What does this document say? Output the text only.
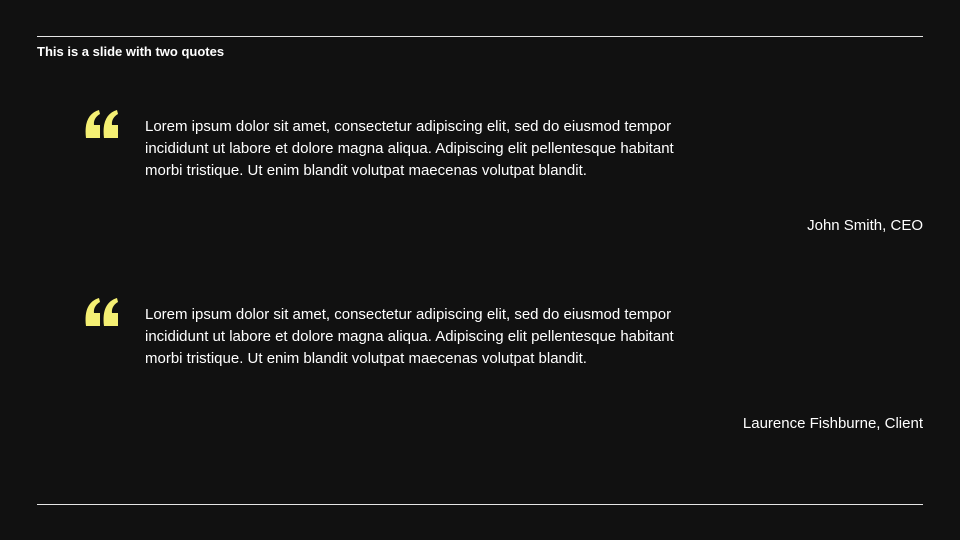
This is a slide with two quotes
Lorem ipsum dolor sit amet, consectetur adipiscing elit, sed do eiusmod tempor incididunt ut labore et dolore magna aliqua. Adipiscing elit pellentesque habitant morbi tristique. Ut enim blandit volutpat maecenas volutpat blandit.
John Smith, CEO
Lorem ipsum dolor sit amet, consectetur adipiscing elit, sed do eiusmod tempor incididunt ut labore et dolore magna aliqua. Adipiscing elit pellentesque habitant morbi tristique. Ut enim blandit volutpat maecenas volutpat blandit.
Laurence Fishburne, Client
